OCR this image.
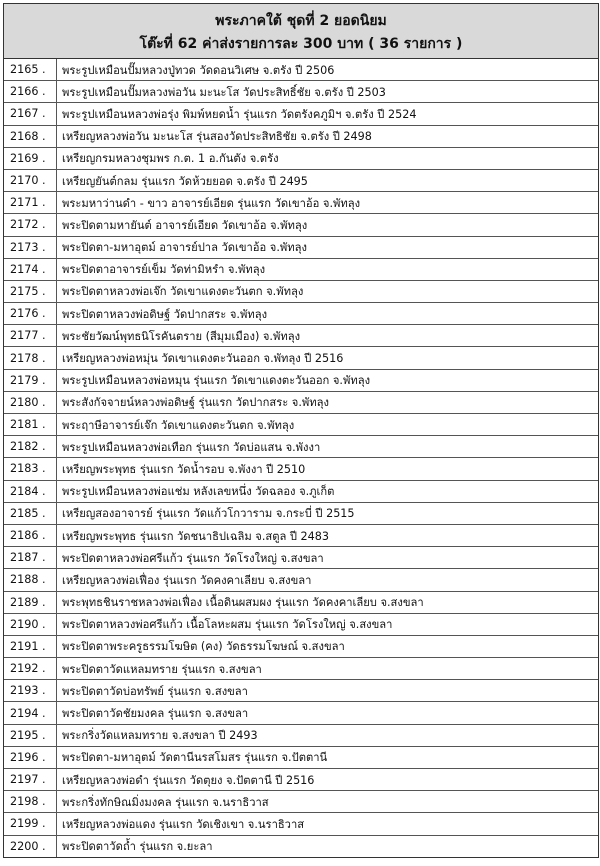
พระภาคใต้ ชุดที่ 2 ยอดนิยม
โต๊ะที่ 62 ค่าส่งรายการละ 300 บาท ( 36 รายการ )
2165 .	พระรูปเหมือนปั๊มหลวงปู่ทวด วัดดอนวิเศษ จ.ตรัง ปี 2506
2166 .	พระรูปเหมือนปั๊มหลวงพ่อวัน มะนะโส วัดประสิทธิ์ชัย จ.ตรัง ปี 2503
2167 .	พระรูปเหมือนหลวงพ่อรุ่ง พิมพ์หยดน้ำ รุ่นแรก วัดตรังคภูมิฯ จ.ตรัง ปี 2524
2168 .	เหรียญหลวงพ่อวัน มะนะโส รุ่นสองวัดประสิทธิชัย จ.ตรัง ปี 2498
2169 .	เหรียญกรมหลวงชุมพร ก.ต. 1 อ.กันตัง จ.ตรัง
2170 .	เหรียญยันต์กลม รุ่นแรก วัดห้วยยอด จ.ตรัง ปี 2495
2171 .	พระมหาว่านดำ - ขาว อาจารย์เอียด รุ่นแรก วัดเขาอ้อ จ.พัทลุง
2172 .	พระปิดตามหายันต์ อาจารย์เอียด วัดเขาอ้อ จ.พัทลุง
2173 .	พระปิดตา-มหาอุตม์ อาจารย์ปาล วัดเขาอ้อ จ.พัทลุง
2174 .	พระปิดตาอาจารย์เข็ม วัดท่ามิหรำ จ.พัทลุง
2175 .	พระปิดตาหลวงพ่อเจ๊ก วัดเขาแดงตะวันตก จ.พัทลุง
2176 .	พระปิดตาหลวงพ่อดิษฐ์ วัดปากสระ จ.พัทลุง
2177 .	พระชัยวัฒน์พุทธนิโรคันตราย (สีมุมเมือง) จ.พัทลุง
2178 .	เหรียญหลวงพ่อหมุ่น วัดเขาแดงตะวันออก จ.พัทลุง ปี 2516
2179 .	พระรูปเหมือนหลวงพ่อหมุน รุ่นแรก วัดเขาแดงตะวันออก จ.พัทลุง
2180 .	พระสังกัจจายน์หลวงพ่อดิษฐ์ รุ่นแรก วัดปากสระ จ.พัทลุง
2181 .	พระฤาษีอาจารย์เจ๊ก วัดเขาแดงตะวันตก จ.พัทลุง
2182 .	พระรูปเหมือนหลวงพ่อเทือก รุ่นแรก วัดบ่อแสน จ.พังงา
2183 .	เหรียญพระพุทธ รุ่นแรก วัดน้ำรอบ จ.พังงา ปี 2510
2184 .	พระรูปเหมือนหลวงพ่อแช่ม หลังเลขหนึ่ง วัดฉลอง จ.ภูเก็ต
2185 .	เหรียญสองอาจารย์ รุ่นแรก วัดแก้วโกวาราม จ.กระบี่ ปี 2515
2186 .	เหรียญพระพุทธ รุ่นแรก วัดชนาธิปเฉลิม จ.สตูล ปี 2483
2187 .	พระปิดตาหลวงพ่อศรีแก้ว รุ่นแรก วัดโรงใหญ่ จ.สงขลา
2188 .	เหรียญหลวงพ่อเฟื่อง รุ่นแรก วัดคงคาเลียบ จ.สงขลา
2189 .	พระพุทธชินราชหลวงพ่อเฟื่อง เนื้อดินผสมผง รุ่นแรก วัดคงคาเลียบ จ.สงขลา
2190 .	พระปิดตาหลวงพ่อศรีแก้ว เนื้อโลหะผสม รุ่นแรก วัดโรงใหญ่ จ.สงขลา
2191 .	พระปิดตาพระครูธรรมโฆษิต (คง) วัดธรรมโฆษณ์ จ.สงขลา
2192 .	พระปิดตาวัดแหลมทราย รุ่นแรก จ.สงขลา
2193 .	พระปิดตาวัดบ่อทรัพย์ รุ่นแรก จ.สงขลา
2194 .	พระปิดตาวัดชัยมงคล รุ่นแรก จ.สงขลา
2195 .	พระกริ่งวัดแหลมทราย จ.สงขลา ปี 2493
2196 .	พระปิดตา-มหาอุตม์ วัดตานีนรสโมสร รุ่นแรก จ.ปัตตานี
2197 .	เหรียญหลวงพ่อดำ รุ่นแรก วัดตุยง จ.ปัตตานี ปี 2516
2198 .	พระกริ่งทักษิณมิ่งมงคล รุ่นแรก จ.นราธิวาส
2199 .	เหรียญหลวงพ่อแดง รุ่นแรก วัดเชิงเขา จ.นราธิวาส
2200 .	พระปิดตาวัดถ้ำ รุ่นแรก จ.ยะลา
